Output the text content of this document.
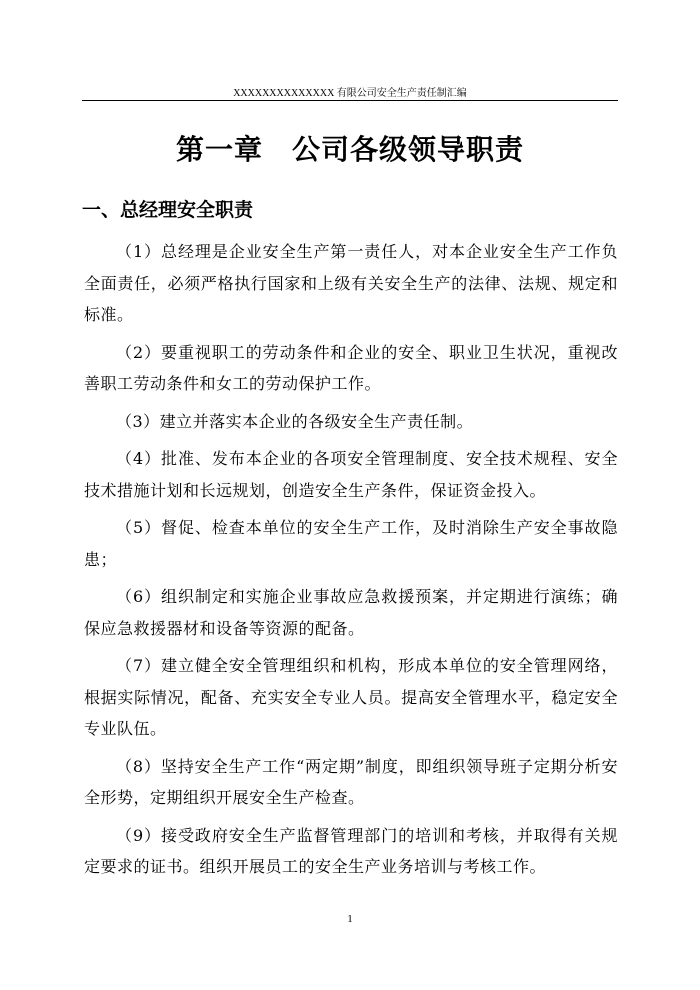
XXXXXXXXXXXXXX 有限公司安全生产责任制汇编
第一章　公司各级领导职责
一、总经理安全职责

（1）总经理是企业安全生产第一责任人，对本企业安全生产工作负全面责任，必须严格执行国家和上级有关安全生产的法律、法规、规定和标准。

（2）要重视职工的劳动条件和企业的安全、职业卫生状况，重视改善职工劳动条件和女工的劳动保护工作。

（3）建立并落实本企业的各级安全生产责任制。

（4）批准、发布本企业的各项安全管理制度、安全技术规程、安全技术措施计划和长远规划，创造安全生产条件，保证资金投入。

（5）督促、检查本单位的安全生产工作，及时消除生产安全事故隐患；

（6）组织制定和实施企业事故应急救援预案，并定期进行演练；确保应急救援器材和设备等资源的配备。

（7）建立健全安全管理组织和机构，形成本单位的安全管理网络，根据实际情况，配备、充实安全专业人员。提高安全管理水平，稳定安全专业队伍。

（8）坚持安全生产工作“两定期”制度，即组织领导班子定期分析安全形势，定期组织开展安全生产检查。

（9）接受政府安全生产监督管理部门的培训和考核，并取得有关规定要求的证书。组织开展员工的安全生产业务培训与考核工作。

1
